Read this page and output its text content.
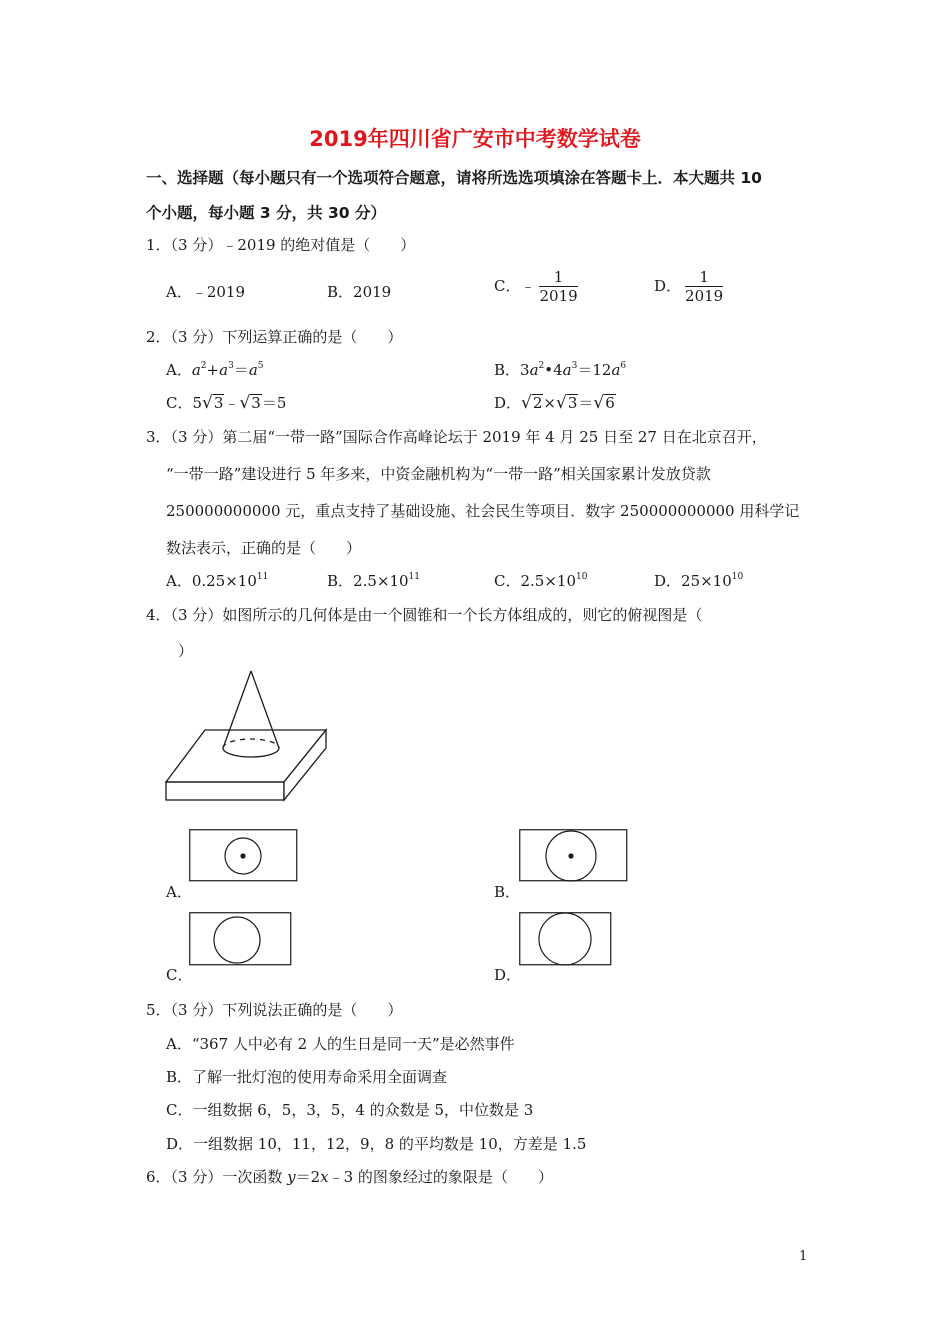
2019年四川省广安市中考数学试卷
一、选择题（每小题只有一个选项符合题意，请将所选选项填涂在答题卡上．本大题共 10
个小题，每小题 3 分，共 30 分）
1．（3 分）﹣2019 的绝对值是（　　）
A．﹣2019	B．2019	C．﹣ $\frac{1}{2019}$	D． $\frac{1}{2019}$
2．（3 分）下列运算正确的是（　　）
A．$a^2+a^3=a^5$	B．$3a^2•4a^3=12a^6$
C．5√3﹣√3＝5	D．√2×√3＝√6
3．（3 分）第二届“一带一路”国际合作高峰论坛于 2019 年 4 月 25 日至 27 日在北京召开，
“一带一路”建设进行 5 年多来，中资金融机构为“一带一路”相关国家累计发放贷款
250000000000 元，重点支持了基础设施、社会民生等项目．数字 250000000000 用科学记
数法表示，正确的是（　　）
A．$0.25\times 10^{11}$	B．$2.5\times 10^{11}$	C．$2.5\times 10^{10}$	D．$25\times 10^{10}$
4．（3 分）如图所示的几何体是由一个圆锥和一个长方体组成的，则它的俯视图是（
）
A．	B．
C．	D．
5．（3 分）下列说法正确的是（　　）
A．“367 人中必有 2 人的生日是同一天”是必然事件
B．了解一批灯泡的使用寿命采用全面调查
C．一组数据 6，5，3，5，4 的众数是 5，中位数是 3
D．一组数据 10，11，12，9，8 的平均数是 10，方差是 1.5
6．（3 分）一次函数 y＝2x﹣3 的图象经过的象限是（　　）
1
